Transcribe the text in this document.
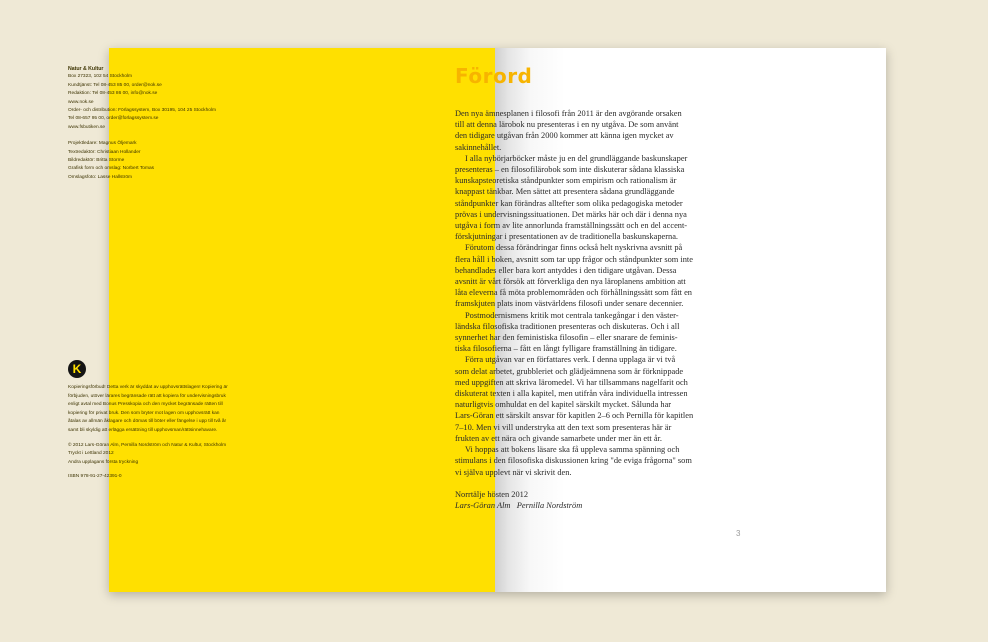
Natur & Kultur
Box 27323, 102 54 Stockholm
Kundtjänst: Tel 08-453 85 00, order@nok.se
Redaktion: Tel 08-453 86 00, info@nok.se
www.nok.se
Order- och distribution: Förlagssystem, Box 30195, 104 25 Stockholm
Tel 08-657 95 00, order@forlagssystem.se
www.fsbutiken.se
Projektledare: Magnus Öljemark
Textredaktör: Christiaan Hollander
Bildredaktör: Britta Storme
Grafisk form och omslag: Norbert Tomas
Omslagsfoto: Lasse Hallström
K

Kopieringsförbud! Detta verk är skyddat av upphovsrättslagen! Kopiering är
förbjuden, utöver lärares begränsade rätt att kopiera för undervisningsbruk
enligt avtal med Bonus Presskopia och den mycket begränsade rätten till
kopiering för privat bruk. Den som bryter mot lagen om upphovsrätt kan
åtalas av allmän åklagare och dömas till böter eller fängelse i upp till två år
samt bli skyldig att erlägga ersättning till upphovsman/rättsinnehavare.

© 2012 Lars-Göran Alm, Pernilla Nordström och Natur & Kultur, Stockholm
Tryckt i Lettland 2012
Andra upplagans första tryckning

ISBN 978-91-27-42391-0

Förord
Den nya ämnesplanen i filosofi från 2011 är den avgörande orsaken
till att denna lärobok nu presenteras i en ny utgåva. De som använt
den tidigare utgåvan från 2000 kommer att känna igen mycket av
sakinnehållet.
I alla nybörjarböcker måste ju en del grundläggande baskunskaper
presenteras – en filosofilärobok som inte diskuterar sådana klassiska
kunskapsteoretiska ståndpunkter som empirism och rationalism är
knappast tänkbar. Men sättet att presentera sådana grundläggande
ståndpunkter kan förändras alltefter som olika pedagogiska metoder
prövas i undervisningssituationen. Det märks här och där i denna nya
utgåva i form av lite annorlunda framställningssätt och en del accent-
förskjutningar i presentationen av de traditionella baskunskaperna.
Förutom dessa förändringar finns också helt nyskrivna avsnitt på
flera håll i boken, avsnitt som tar upp frågor och ståndpunkter som inte
behandlades eller bara kort antyddes i den tidigare utgåvan. Dessa
avsnitt är vårt försök att förverkliga den nya läroplanens ambition att
låta eleverna få möta problemområden och förhållningssätt som fått en
framskjuten plats inom västvärldens filosofi under senare decennier.
Postmodernismens kritik mot centrala tankegångar i den väster-
ländska filosofiska traditionen presenteras och diskuteras. Och i all
synnerhet har den feministiska filosofin – eller snarare de feminis-
tiska filosofierna – fått en långt fylligare framställning än tidigare.
Förra utgåvan var en författares verk. I denna upplaga är vi två
som delat arbetet, grubbleriet och glädjeämnena som är förknippade
med uppgiften att skriva läromedel. Vi har tillsammans nagelfarit och
diskuterat texten i alla kapitel, men utifrån våra individuella intressen
naturligtvis omhuldat en del kapitel särskilt mycket. Sålunda har
Lars-Göran ett särskilt ansvar för kapitlen 2–6 och Pernilla för kapitlen
7–10. Men vi vill understryka att den text som presenteras här är
frukten av ett nära och givande samarbete under mer än ett år.
Vi hoppas att bokens läsare ska få uppleva samma spänning och
stimulans i den filosofiska diskussionen kring "de eviga frågorna" som
vi själva upplevt när vi skrivit den.
Norrtälje hösten 2012
Lars-Göran Alm Pernilla Nordström
3
